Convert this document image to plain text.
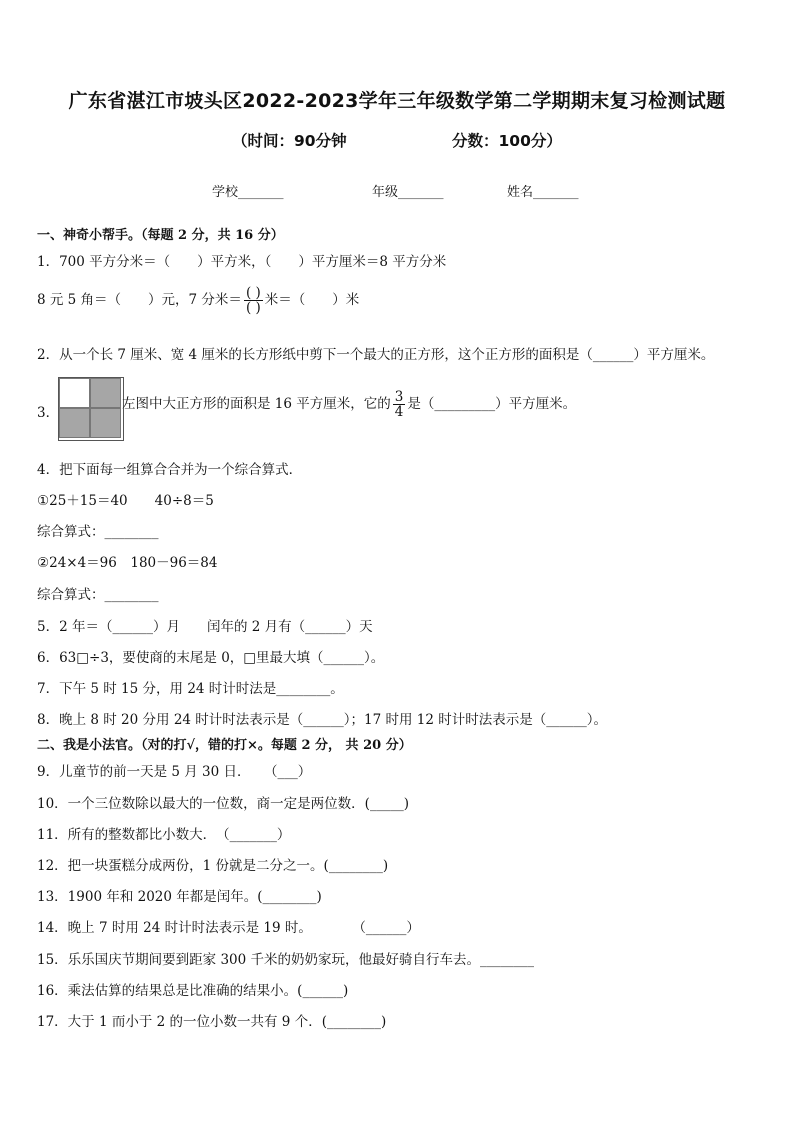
广东省湛江市坡头区2022-2023学年三年级数学第二学期期末复习检测试题
（时间：90分钟	分数：100分）
学校_______	年级_______	姓名_______
一、神奇小帮手。（每题 2 分，共 16 分）
1．700 平方分米＝（　　）平方米，（　　）平方厘米＝8 平方分米
8 元 5 角＝（　　）元，7 分米＝ $\frac{( )}{( )}$ 米＝（　　）米
2．从一个长 7 厘米、宽 4 厘米的长方形纸中剪下一个最大的正方形，这个正方形的面积是（______）平方厘米。
3．
左图中大正方形的面积是 16 平方厘米，它的 $\frac{3}{4}$ 是（_________）平方厘米。
4．把下面每一组算合合并为一个综合算式．
①25＋15＝40　　40÷8＝5
综合算式：________
②24×4＝96　180－96＝84
综合算式：________
5．2 年＝（______）月　　闰年的 2 月有（______）天
6．63□÷3，要使商的末尾是 0，□里最大填（______）。
7．下午 5 时 15 分，用 24 时计时法是________。
8．晚上 8 时 20 分用 24 时计时法表示是（______）；17 时用 12 时计时法表示是（______）。
二、我是小法官。（对的打√，错的打×。每题 2 分， 共 20 分）
9．儿童节的前一天是 5 月 30 日．　　（___）
10．一个三位数除以最大的一位数，商一定是两位数．(_____)
11．所有的整数都比小数大．　（_______）
12．把一块蛋糕分成两份，1 份就是二分之一。(________)
13．1900 年和 2020 年都是闰年。(________)
14．晚上 7 时用 24 时计时法表示是 19 时。　　　　（______）
15．乐乐国庆节期间要到距家 300 千米的奶奶家玩，他最好骑自行车去。________
16．乘法估算的结果总是比准确的结果小。(______)
17．大于 1 而小于 2 的一位小数一共有 9 个．(________)
